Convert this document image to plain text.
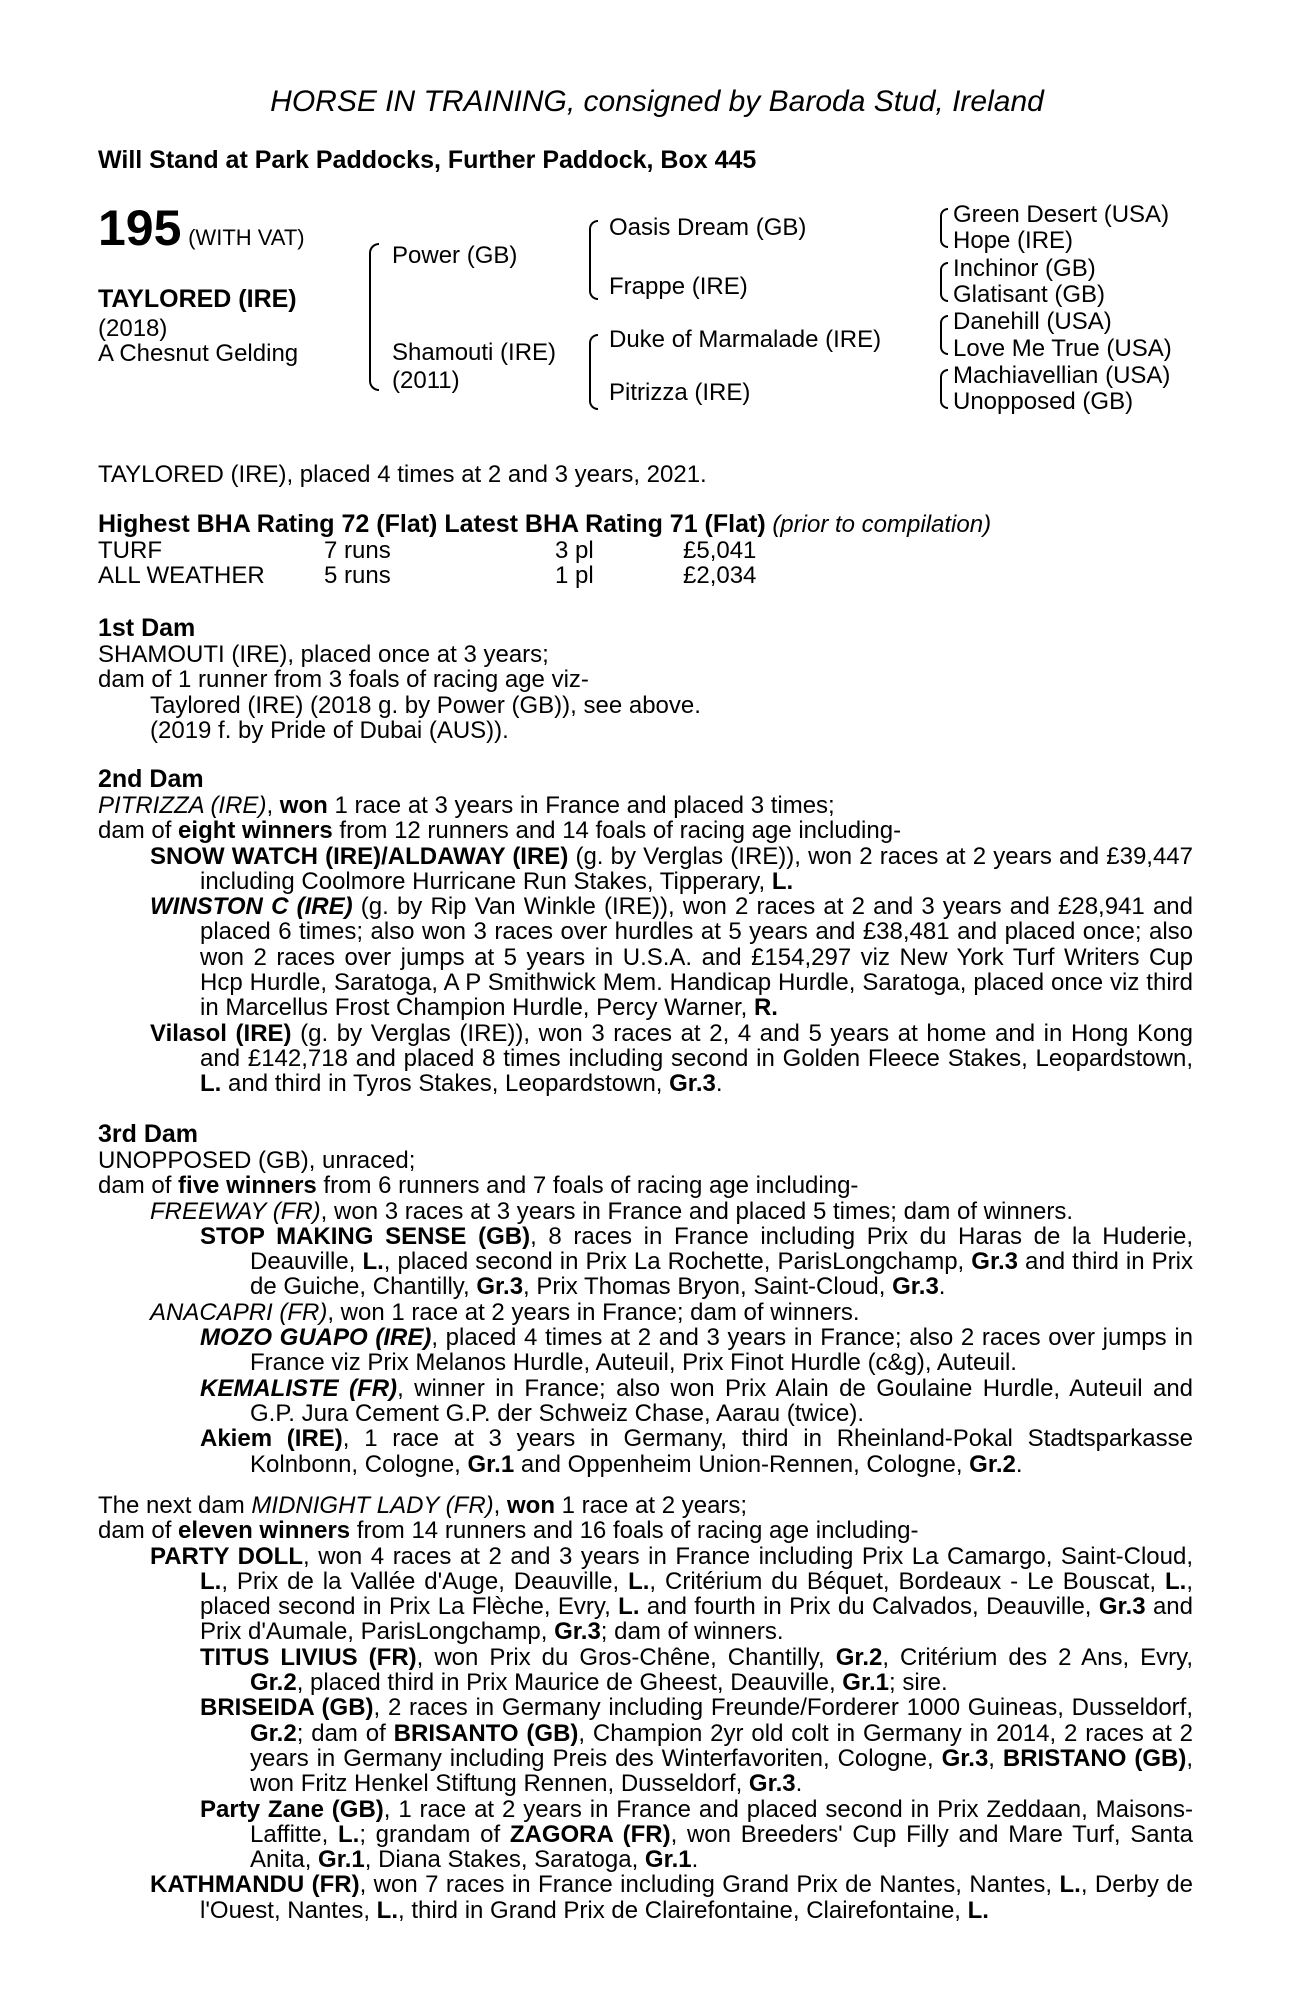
HORSE IN TRAINING, consigned by Baroda Stud, Ireland
Will Stand at Park Paddocks, Further Paddock, Box 445
195 (WITH VAT)
TAYLORED (IRE)
(2018)
A Chesnut Gelding
Power (GB)
Shamouti (IRE)
(2011)
Oasis Dream (GB)
Frappe (IRE)
Duke of Marmalade (IRE)
Pitrizza (IRE)
Green Desert (USA)
Hope (IRE)
Inchinor (GB)
Glatisant (GB)
Danehill (USA)
Love Me True (USA)
Machiavellian (USA)
Unopposed (GB)
TAYLORED (IRE), placed 4 times at 2 and 3 years, 2021.
Highest BHA Rating 72 (Flat) Latest BHA Rating 71 (Flat) (prior to compilation)
TURF	7 runs	3 pl	£5,041
ALL WEATHER 5 runs	1 pl	£2,034

1st Dam

SHAMOUTI (IRE), placed once at 3 years;

dam of 1 runner from 3 foals of racing age viz-

Taylored (IRE) (2018 g. by Power (GB)), see above.

(2019 f. by Pride of Dubai (AUS)).

2nd Dam

PITRIZZA (IRE), won 1 race at 3 years in France and placed 3 times;

dam of eight winners from 12 runners and 14 foals of racing age including-

SNOW WATCH (IRE)/ALDAWAY (IRE) (g. by Verglas (IRE)), won 2 races at 2 years and £39,447 including Coolmore Hurricane Run Stakes, Tipperary, L.

WINSTON C (IRE) (g. by Rip Van Winkle (IRE)), won 2 races at 2 and 3 years and £28,941 and placed 6 times; also won 3 races over hurdles at 5 years and £38,481 and placed once; also won 2 races over jumps at 5 years in U.S.A. and £154,297 viz New York Turf Writers Cup Hcp Hurdle, Saratoga, A P Smithwick Mem. Handicap Hurdle, Saratoga, placed once viz third in Marcellus Frost Champion Hurdle, Percy Warner, R.

Vilasol (IRE) (g. by Verglas (IRE)), won 3 races at 2, 4 and 5 years at home and in Hong Kong and £142,718 and placed 8 times including second in Golden Fleece Stakes, Leopardstown, L. and third in Tyros Stakes, Leopardstown, Gr.3.

3rd Dam

UNOPPOSED (GB), unraced;

dam of five winners from 6 runners and 7 foals of racing age including-

FREEWAY (FR), won 3 races at 3 years in France and placed 5 times; dam of winners.

STOP MAKING SENSE (GB), 8 races in France including Prix du Haras de la Huderie, Deauville, L., placed second in Prix La Rochette, ParisLongchamp, Gr.3 and third in Prix de Guiche, Chantilly, Gr.3, Prix Thomas Bryon, Saint-Cloud, Gr.3.

ANACAPRI (FR), won 1 race at 2 years in France; dam of winners.

MOZO GUAPO (IRE), placed 4 times at 2 and 3 years in France; also 2 races over jumps in France viz Prix Melanos Hurdle, Auteuil, Prix Finot Hurdle (c&g), Auteuil.

KEMALISTE (FR), winner in France; also won Prix Alain de Goulaine Hurdle, Auteuil and G.P. Jura Cement G.P. der Schweiz Chase, Aarau (twice).

Akiem (IRE), 1 race at 3 years in Germany, third in Rheinland-Pokal Stadtsparkasse Kolnbonn, Cologne, Gr.1 and Oppenheim Union-Rennen, Cologne, Gr.2.

The next dam MIDNIGHT LADY (FR), won 1 race at 2 years;

dam of eleven winners from 14 runners and 16 foals of racing age including-

PARTY DOLL, won 4 races at 2 and 3 years in France including Prix La Camargo, Saint-Cloud, L., Prix de la Vallée d'Auge, Deauville, L., Critérium du Béquet, Bordeaux - Le Bouscat, L., placed second in Prix La Flèche, Evry, L. and fourth in Prix du Calvados, Deauville, Gr.3 and Prix d'Aumale, ParisLongchamp, Gr.3; dam of winners.

TITUS LIVIUS (FR), won Prix du Gros-Chêne, Chantilly, Gr.2, Critérium des 2 Ans, Evry, Gr.2, placed third in Prix Maurice de Gheest, Deauville, Gr.1; sire.

BRISEIDA (GB), 2 races in Germany including Freunde/Forderer 1000 Guineas, Dusseldorf, Gr.2; dam of BRISANTO (GB), Champion 2yr old colt in Germany in 2014, 2 races at 2 years in Germany including Preis des Winterfavoriten, Cologne, Gr.3, BRISTANO (GB), won Fritz Henkel Stiftung Rennen, Dusseldorf, Gr.3.

Party Zane (GB), 1 race at 2 years in France and placed second in Prix Zeddaan, Maisons-Laffitte, L.; grandam of ZAGORA (FR), won Breeders' Cup Filly and Mare Turf, Santa Anita, Gr.1, Diana Stakes, Saratoga, Gr.1.

KATHMANDU (FR), won 7 races in France including Grand Prix de Nantes, Nantes, L., Derby de l'Ouest, Nantes, L., third in Grand Prix de Clairefontaine, Clairefontaine, L.
